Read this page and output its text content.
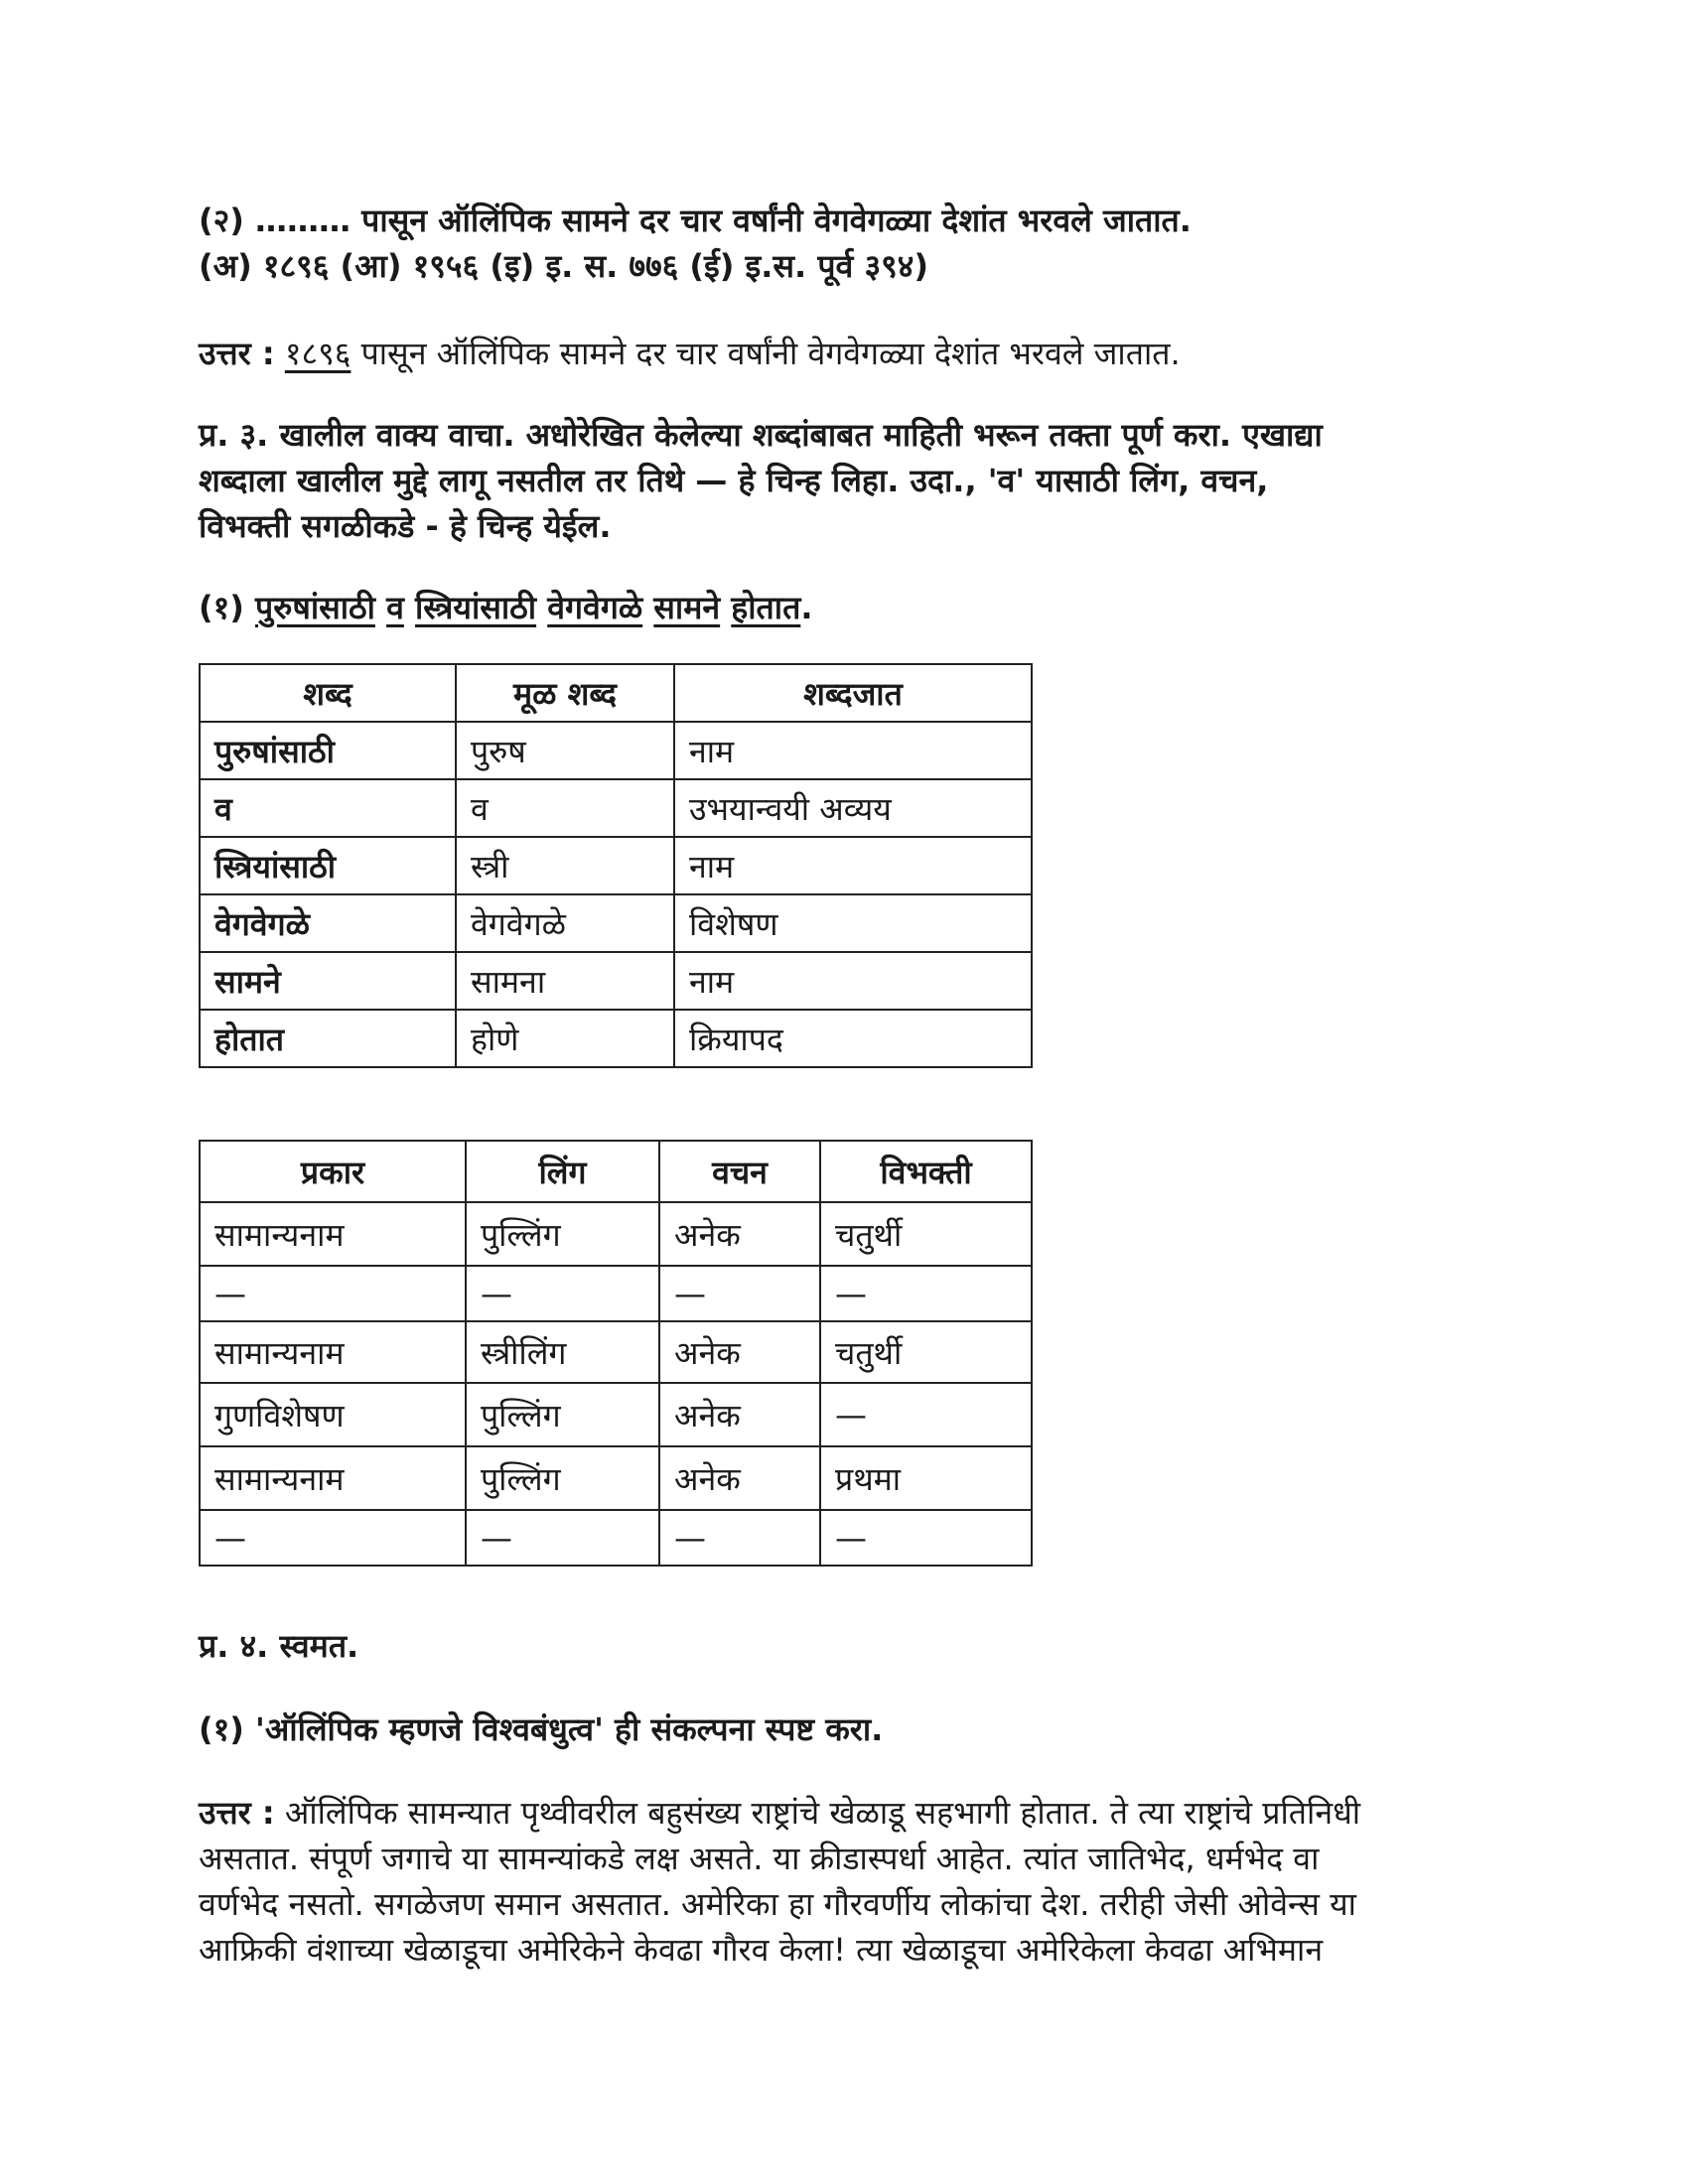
(२) ……… पासून ऑलिंपिक सामने दर चार वर्षांनी वेगवेगळ्या देशांत भरवले जातात.
(अ) १८९६ (आ) १९५६ (इ) इ. स. ७७६ (ई) इ.स. पूर्व ३९४)
उत्तर : १८९६ पासून ऑलिंपिक सामने दर चार वर्षांनी वेगवेगळ्या देशांत भरवले जातात.
प्र. ३. खालील वाक्य वाचा. अधोरेखित केलेल्या शब्दांबाबत माहिती भरून तक्ता पूर्ण करा. एखाद्या
शब्दाला खालील मुद्दे लागू नसतील तर तिथे — हे चिन्ह लिहा. उदा., 'व' यासाठी लिंग, वचन,
विभक्ती सगळीकडे - हे चिन्ह येईल.
(१) पुरुषांसाठी व स्त्रियांसाठी वेगवेगळे सामने होतात.
शब्द	मूळ शब्द	शब्दजात
पुरुषांसाठी	पुरुष	नाम
व	व	उभयान्वयी अव्यय
स्त्रियांसाठी	स्त्री	नाम
वेगवेगळे	वेगवेगळे	विशेषण
सामने	सामना	नाम
होतात	होणे	क्रियापद
प्रकार	लिंग	वचन	विभक्ती
सामान्यनाम	पुल्लिंग	अनेक	चतुर्थी
—	—	—	—
सामान्यनाम	स्त्रीलिंग	अनेक	चतुर्थी
गुणविशेषण	पुल्लिंग	अनेक	—
सामान्यनाम	पुल्लिंग	अनेक	प्रथमा
—	—	—	—
प्र. ४. स्वमत.
(१) 'ऑलिंपिक म्हणजे विश्वबंधुत्व' ही संकल्पना स्पष्ट करा.
उत्तर : ऑलिंपिक सामन्यात पृथ्वीवरील बहुसंख्य राष्ट्रांचे खेळाडू सहभागी होतात. ते त्या राष्ट्रांचे प्रतिनिधी
असतात. संपूर्ण जगाचे या सामन्यांकडे लक्ष असते. या क्रीडास्पर्धा आहेत. त्यांत जातिभेद, धर्मभेद वा
वर्णभेद नसतो. सगळेजण समान असतात. अमेरिका हा गौरवर्णीय लोकांचा देश. तरीही जेसी ओवेन्स या
आफ्रिकी वंशाच्या खेळाडूचा अमेरिकेने केवढा गौरव केला! त्या खेळाडूचा अमेरिकेला केवढा अभिमान
